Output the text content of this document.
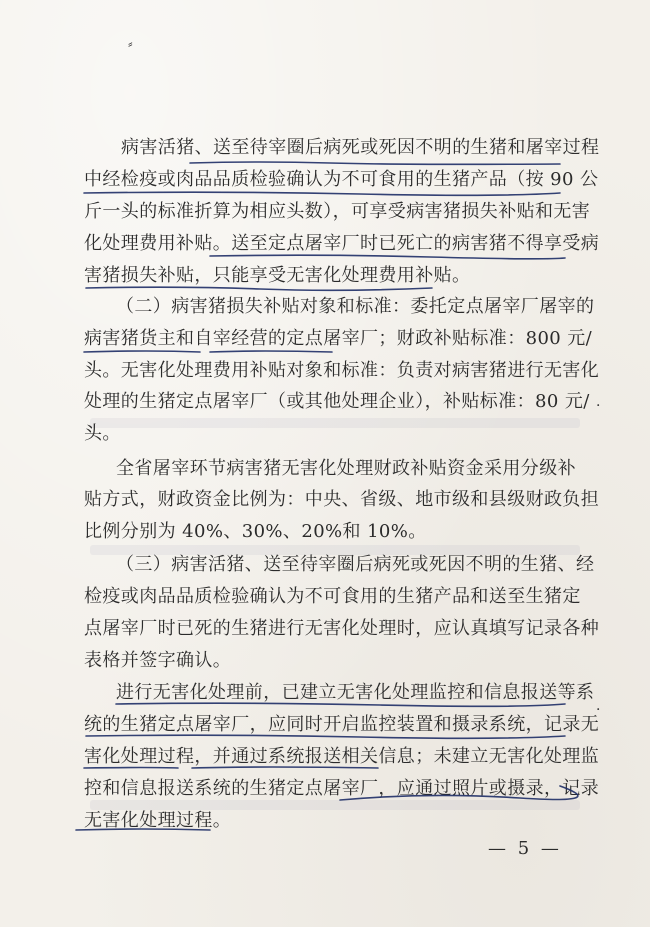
⸗
·
·
病害活猪、送至待宰圈后病死或死因不明的生猪和屠宰过程
中经检疫或肉品品质检验确认为不可食用的生猪产品（按 90 公
斤一头的标准折算为相应头数），可享受病害猪损失补贴和无害
化处理费用补贴。送至定点屠宰厂时已死亡的病害猪不得享受病
害猪损失补贴，只能享受无害化处理费用补贴。
（二）病害猪损失补贴对象和标准：委托定点屠宰厂屠宰的
病害猪货主和自宰经营的定点屠宰厂；财政补贴标准：800 元/
头。无害化处理费用补贴对象和标准：负责对病害猪进行无害化
处理的生猪定点屠宰厂（或其他处理企业），补贴标准：80 元/
头。
全省屠宰环节病害猪无害化处理财政补贴资金采用分级补
贴方式，财政资金比例为：中央、省级、地市级和县级财政负担
比例分别为 40%、30%、20%和 10%。
（三）病害活猪、送至待宰圈后病死或死因不明的生猪、经
检疫或肉品品质检验确认为不可食用的生猪产品和送至生猪定
点屠宰厂时已死的生猪进行无害化处理时，应认真填写记录各种
表格并签字确认。
进行无害化处理前，已建立无害化处理监控和信息报送等系
统的生猪定点屠宰厂，应同时开启监控装置和摄录系统，记录无
害化处理过程，并通过系统报送相关信息；未建立无害化处理监
控和信息报送系统的生猪定点屠宰厂，应通过照片或摄录，记录
无害化处理过程。
— 5 —
